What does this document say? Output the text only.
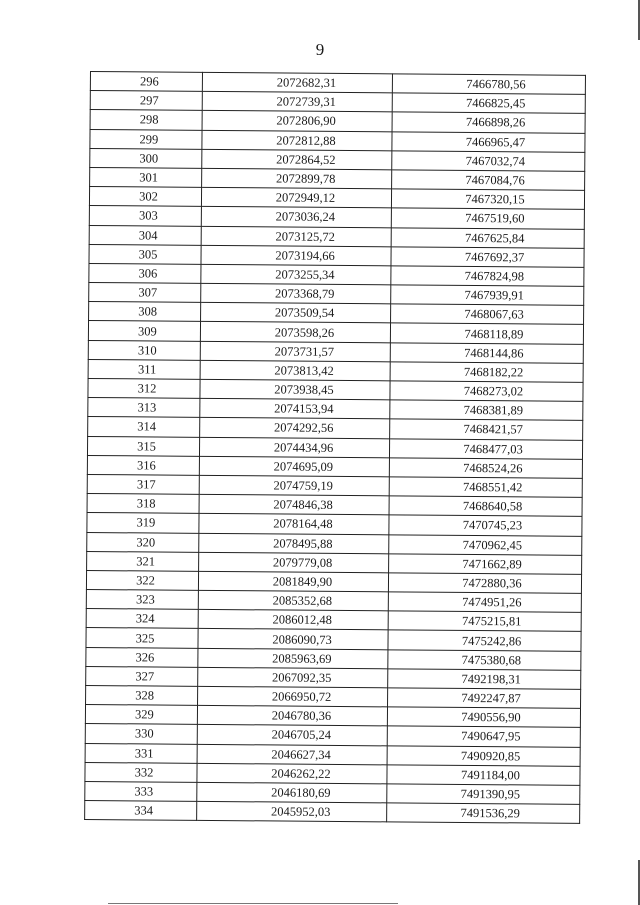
9
296	2072682,31	7466780,56
297	2072739,31	7466825,45
298	2072806,90	7466898,26
299	2072812,88	7466965,47
300	2072864,52	7467032,74
301	2072899,78	7467084,76
302	2072949,12	7467320,15
303	2073036,24	7467519,60
304	2073125,72	7467625,84
305	2073194,66	7467692,37
306	2073255,34	7467824,98
307	2073368,79	7467939,91
308	2073509,54	7468067,63
309	2073598,26	7468118,89
310	2073731,57	7468144,86
311	2073813,42	7468182,22
312	2073938,45	7468273,02
313	2074153,94	7468381,89
314	2074292,56	7468421,57
315	2074434,96	7468477,03
316	2074695,09	7468524,26
317	2074759,19	7468551,42
318	2074846,38	7468640,58
319	2078164,48	7470745,23
320	2078495,88	7470962,45
321	2079779,08	7471662,89
322	2081849,90	7472880,36
323	2085352,68	7474951,26
324	2086012,48	7475215,81
325	2086090,73	7475242,86
326	2085963,69	7475380,68
327	2067092,35	7492198,31
328	2066950,72	7492247,87
329	2046780,36	7490556,90
330	2046705,24	7490647,95
331	2046627,34	7490920,85
332	2046262,22	7491184,00
333	2046180,69	7491390,95
334	2045952,03	7491536,29
